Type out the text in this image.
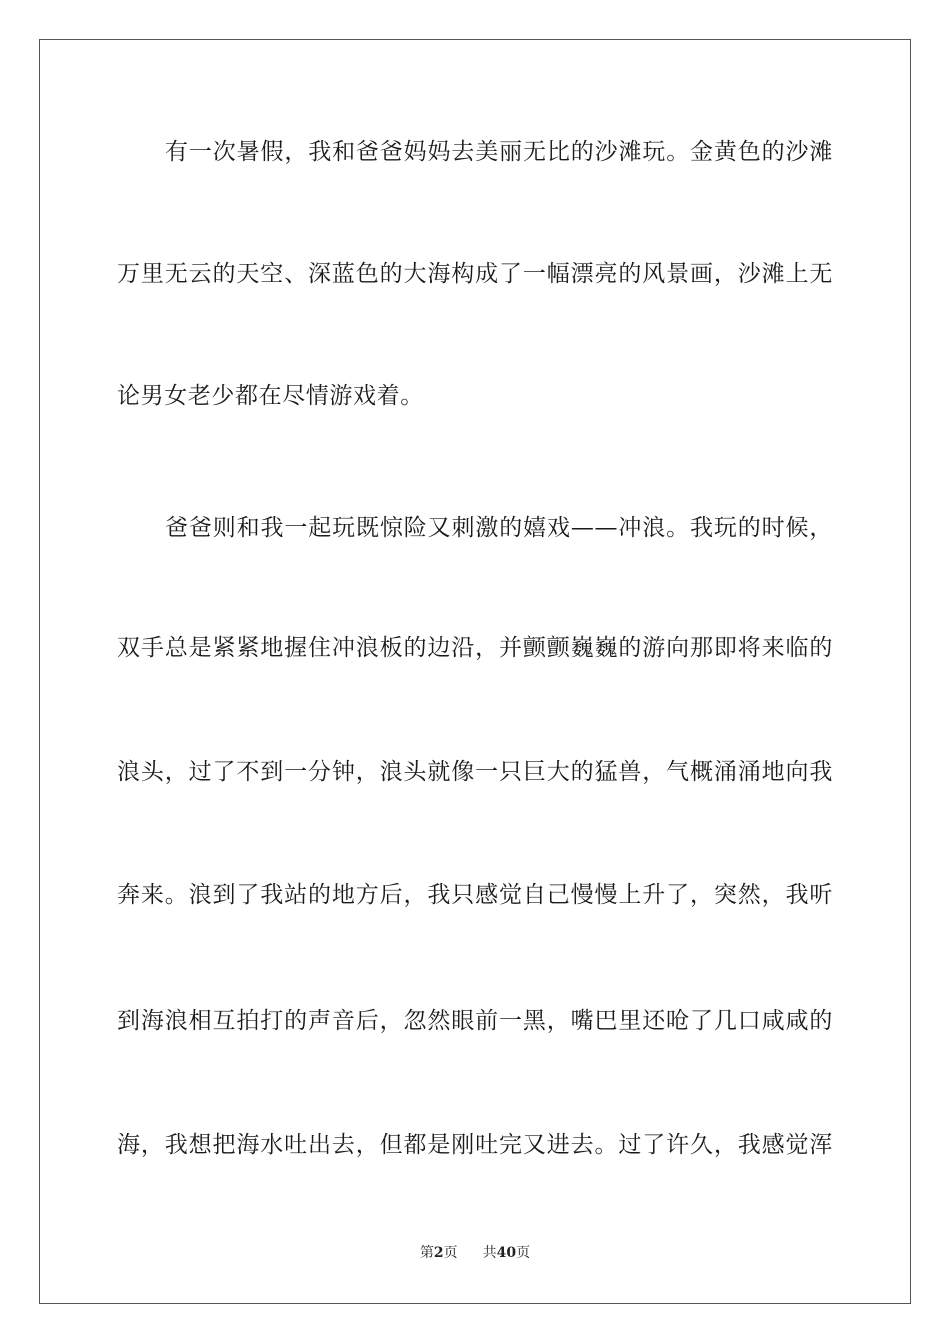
有一次暑假，我和爸爸妈妈去美丽无比的沙滩玩。金黄色的沙滩
万里无云的天空、深蓝色的大海构成了一幅漂亮的风景画，沙滩上无
论男女老少都在尽情游戏着。
爸爸则和我一起玩既惊险又刺激的嬉戏——冲浪。我玩的时候，
双手总是紧紧地握住冲浪板的边沿，并颤颤巍巍的游向那即将来临的
浪头，过了不到一分钟，浪头就像一只巨大的猛兽，气概涌涌地向我
奔来。浪到了我站的地方后，我只感觉自己慢慢上升了，突然，我听
到海浪相互拍打的声音后，忽然眼前一黑，嘴巴里还呛了几口咸咸的
海，我想把海水吐出去，但都是刚吐完又进去。过了许久，我感觉浑
第2页 共40页
